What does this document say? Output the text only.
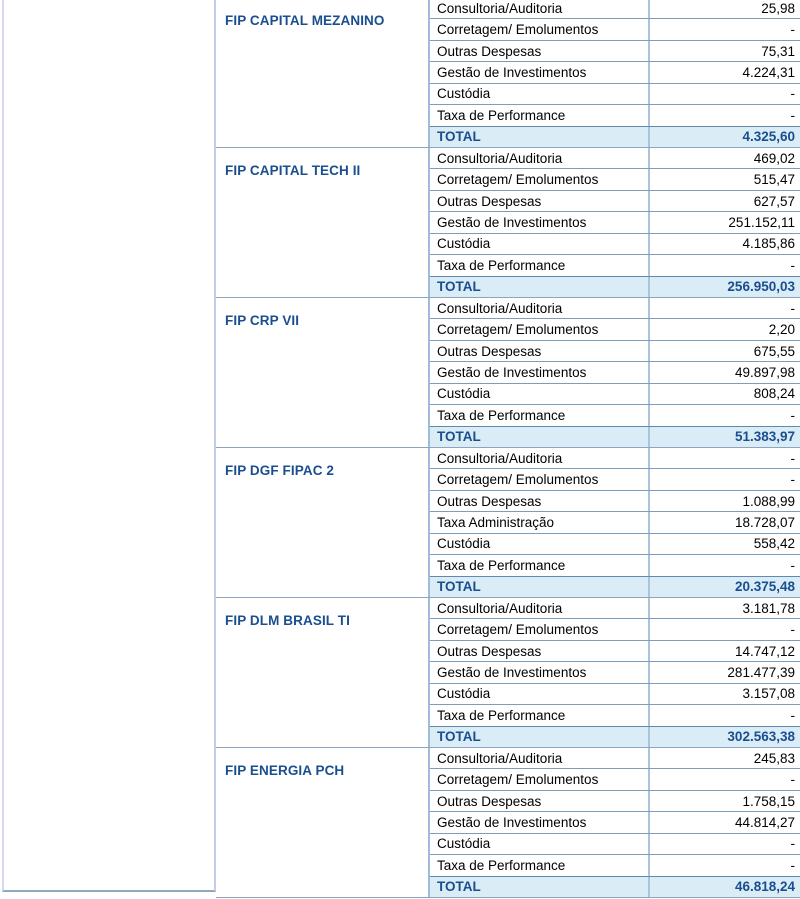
FIP CAPITAL MEZANINO
Consultoria/Auditoria	25,98
Corretagem/ Emolumentos	-
Outras Despesas	75,31
Gestão de Investimentos	4.224,31
Custódia	-
Taxa de Performance	-
TOTAL	4.325,60
FIP CAPITAL TECH II
Consultoria/Auditoria	469,02
Corretagem/ Emolumentos	515,47
Outras Despesas	627,57
Gestão de Investimentos	251.152,11
Custódia	4.185,86
Taxa de Performance	-
TOTAL	256.950,03
FIP CRP VII
Consultoria/Auditoria	-
Corretagem/ Emolumentos	2,20
Outras Despesas	675,55
Gestão de Investimentos	49.897,98
Custódia	808,24
Taxa de Performance	-
TOTAL	51.383,97
FIP DGF FIPAC 2
Consultoria/Auditoria	-
Corretagem/ Emolumentos	-
Outras Despesas	1.088,99
Taxa Administração	18.728,07
Custódia	558,42
Taxa de Performance	-
TOTAL	20.375,48
FIP DLM BRASIL TI
Consultoria/Auditoria	3.181,78
Corretagem/ Emolumentos	-
Outras Despesas	14.747,12
Gestão de Investimentos	281.477,39
Custódia	3.157,08
Taxa de Performance	-
TOTAL	302.563,38
FIP ENERGIA PCH
Consultoria/Auditoria	245,83
Corretagem/ Emolumentos	-
Outras Despesas	1.758,15
Gestão de Investimentos	44.814,27
Custódia	-
Taxa de Performance	-
TOTAL	46.818,24
